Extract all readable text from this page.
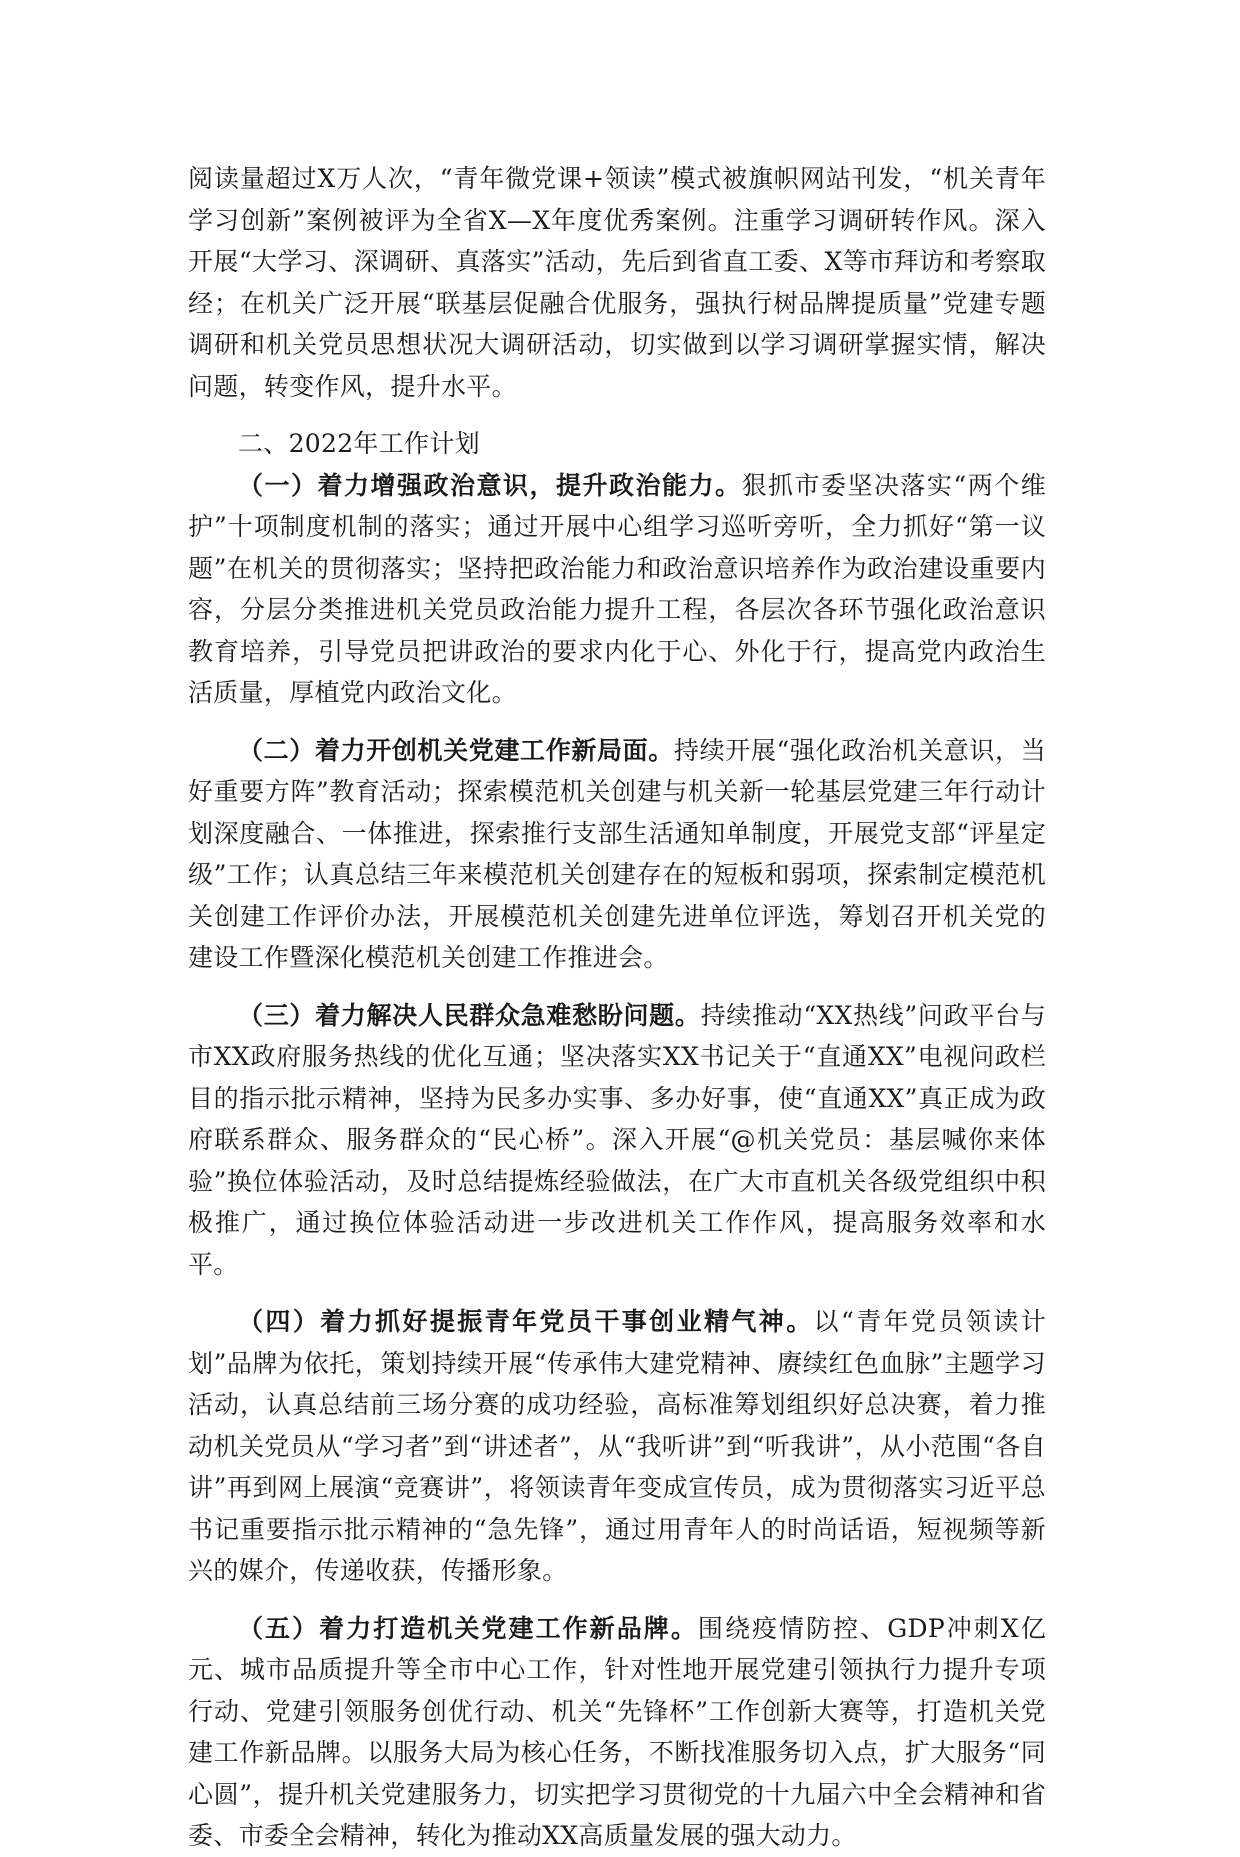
阅读量超过X万人次，“青年微党课+领读”模式被旗帜网站刊发，“机关青年学习创新”案例被评为全省X—X年度优秀案例。注重学习调研转作风。深入开展“大学习、深调研、真落实”活动，先后到省直工委、X等市拜访和考察取经；在机关广泛开展“联基层促融合优服务，强执行树品牌提质量”党建专题调研和机关党员思想状况大调研活动，切实做到以学习调研掌握实情，解决问题，转变作风，提升水平。

二、2022年工作计划

（一）着力增强政治意识，提升政治能力。狠抓市委坚决落实“两个维护”十项制度机制的落实；通过开展中心组学习巡听旁听，全力抓好“第一议题”在机关的贯彻落实；坚持把政治能力和政治意识培养作为政治建设重要内容，分层分类推进机关党员政治能力提升工程，各层次各环节强化政治意识教育培养，引导党员把讲政治的要求内化于心、外化于行，提高党内政治生活质量，厚植党内政治文化。

（二）着力开创机关党建工作新局面。持续开展“强化政治机关意识，当好重要方阵”教育活动；探索模范机关创建与机关新一轮基层党建三年行动计划深度融合、一体推进，探索推行支部生活通知单制度，开展党支部“评星定级”工作；认真总结三年来模范机关创建存在的短板和弱项，探索制定模范机关创建工作评价办法，开展模范机关创建先进单位评选，筹划召开机关党的建设工作暨深化模范机关创建工作推进会。

（三）着力解决人民群众急难愁盼问题。持续推动“XX热线”问政平台与市XX政府服务热线的优化互通；坚决落实XX书记关于“直通XX”电视问政栏目的指示批示精神，坚持为民多办实事、多办好事，使“直通XX”真正成为政府联系群众、服务群众的“民心桥”。深入开展“@机关党员：基层喊你来体验”换位体验活动，及时总结提炼经验做法，在广大市直机关各级党组织中积极推广，通过换位体验活动进一步改进机关工作作风，提高服务效率和水平。

（四）着力抓好提振青年党员干事创业精气神。以“青年党员领读计划”品牌为依托，策划持续开展“传承伟大建党精神、赓续红色血脉”主题学习活动，认真总结前三场分赛的成功经验，高标准筹划组织好总决赛，着力推动机关党员从“学习者”到“讲述者”，从“我听讲”到“听我讲”，从小范围“各自讲”再到网上展演“竞赛讲”，将领读青年变成宣传员，成为贯彻落实习近平总书记重要指示批示精神的“急先锋”，通过用青年人的时尚话语，短视频等新兴的媒介，传递收获，传播形象。

（五）着力打造机关党建工作新品牌。围绕疫情防控、GDP冲刺X亿元、城市品质提升等全市中心工作，针对性地开展党建引领执行力提升专项行动、党建引领服务创优行动、机关“先锋杯”工作创新大赛等，打造机关党建工作新品牌。以服务大局为核心任务，不断找准服务切入点，扩大服务“同心圆”，提升机关党建服务力，切实把学习贯彻党的十九届六中全会精神和省委、市委全会精神，转化为推动XX高质量发展的强大动力。
